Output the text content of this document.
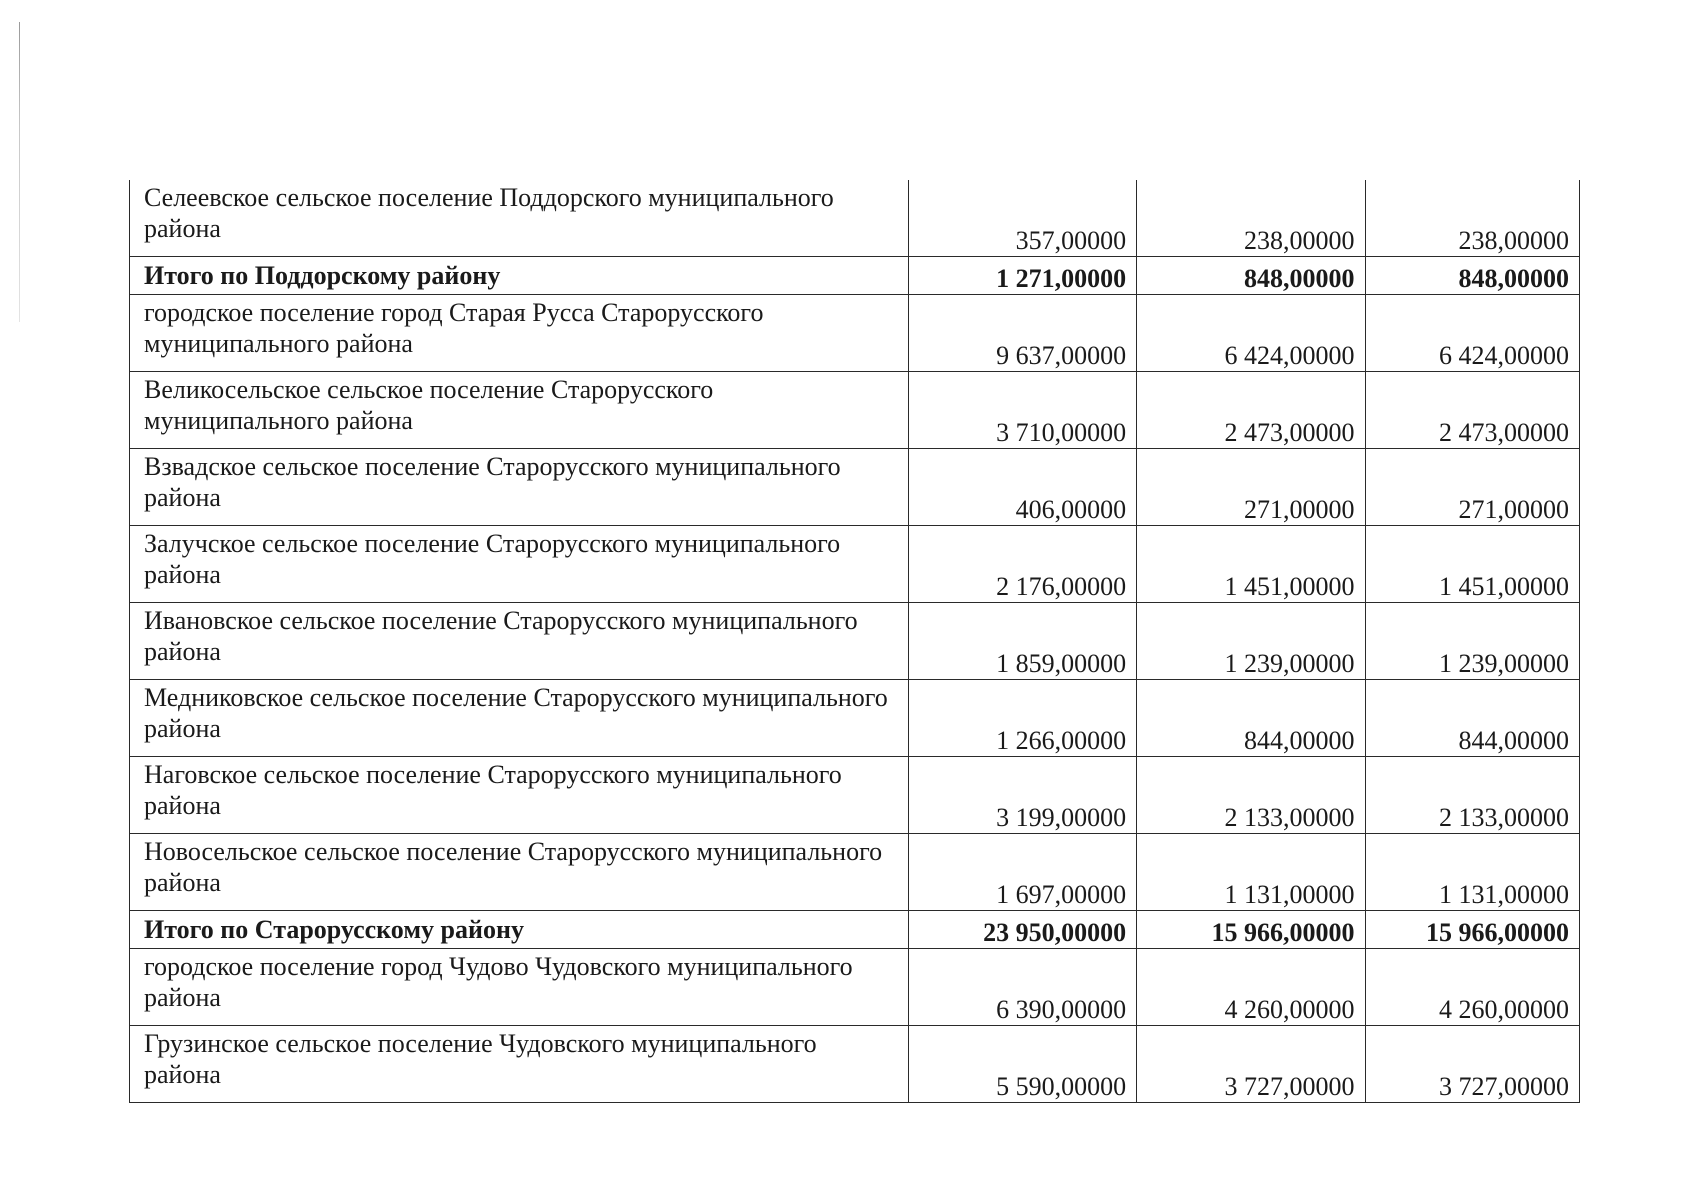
Селеевское сельское поселение Поддорского муниципального района	357,00000	238,00000	238,00000
Итого по Поддорскому району	1 271,00000	848,00000	848,00000
городское поселение город Старая Русса Старорусского муниципального района	9 637,00000	6 424,00000	6 424,00000
Великосельское сельское поселение Старорусского муниципального района	3 710,00000	2 473,00000	2 473,00000
Взвадское сельское поселение Старорусского муниципального района	406,00000	271,00000	271,00000
Залучское сельское поселение Старорусского муниципального района	2 176,00000	1 451,00000	1 451,00000
Ивановское сельское поселение Старорусского муниципального района	1 859,00000	1 239,00000	1 239,00000
Медниковское сельское поселение Старорусского муниципального района	1 266,00000	844,00000	844,00000
Наговское сельское поселение Старорусского муниципального района	3 199,00000	2 133,00000	2 133,00000
Новосельское сельское поселение Старорусского муниципального района	1 697,00000	1 131,00000	1 131,00000
Итого по Старорусскому району	23 950,00000	15 966,00000	15 966,00000
городское поселение город Чудово Чудовского муниципального района	6 390,00000	4 260,00000	4 260,00000
Грузинское сельское поселение Чудовского муниципального района	5 590,00000	3 727,00000	3 727,00000
